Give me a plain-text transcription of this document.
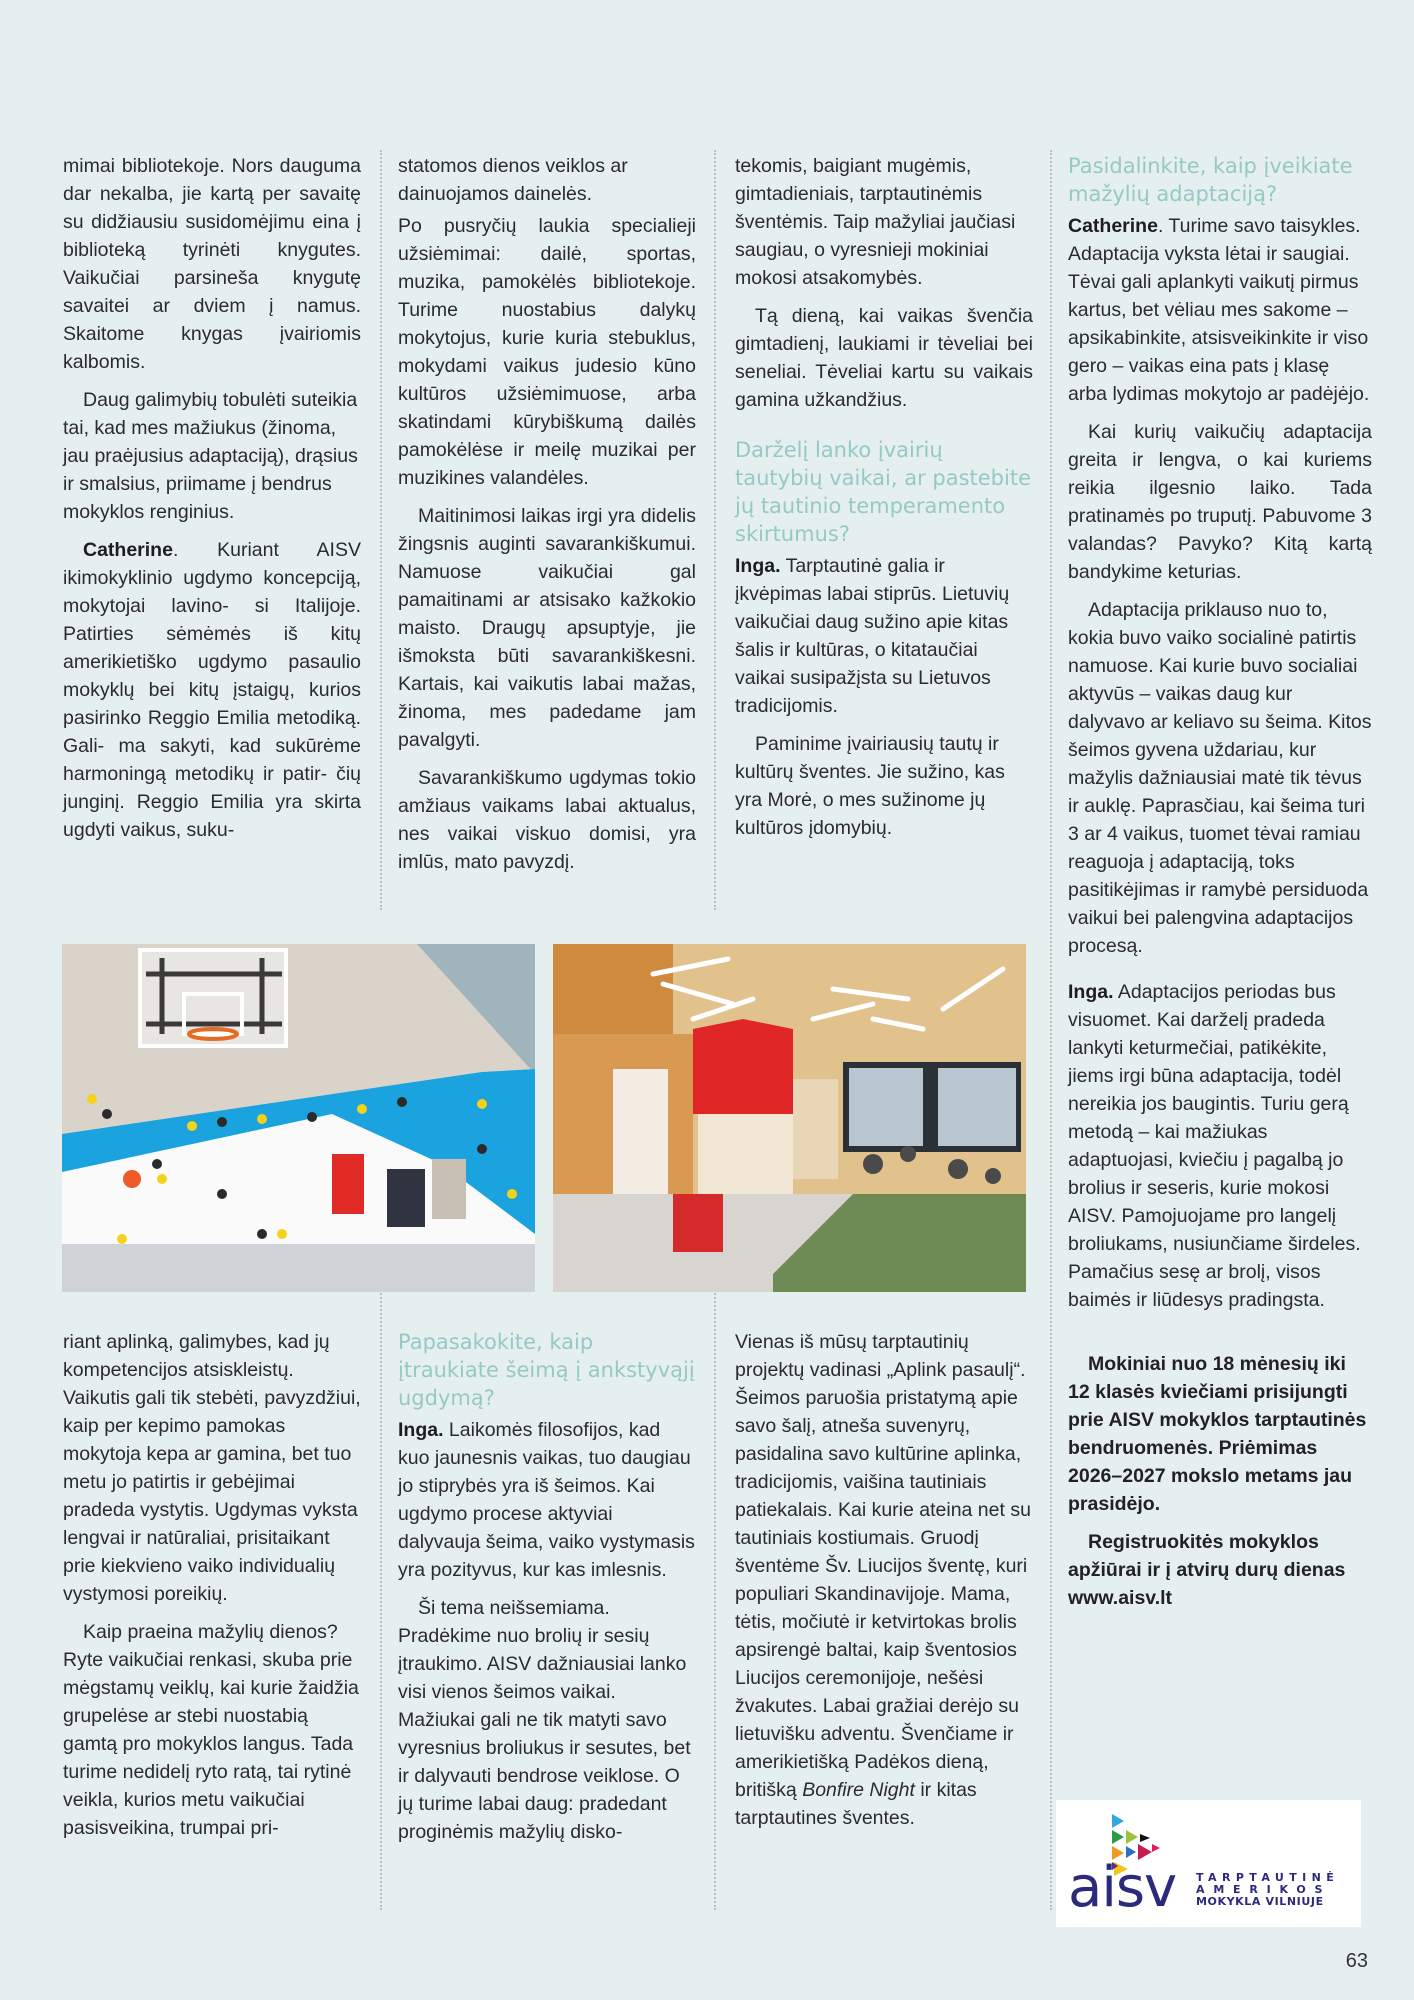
mimai bibliotekoje. Nors dauguma dar nekalba, jie kartą per savaitę su didžiausiu susidomėjimu eina į biblioteką tyrinėti knygutes. Vaikučiai parsineša knygutę savaitei ar dviem į namus. Skaitome knygas įvairiomis kalbomis.

Daug galimybių tobulėti suteikia tai, kad mes mažiukus (žinoma, jau praėjusius adaptaciją), drąsius ir smalsius, priimame į bendrus mokyklos renginius.

Catherine. Kuriant AISV ikimokyklinio ugdymo koncepciją, mokytojai lavino- si Italijoje. Patirties sėmėmės iš kitų amerikietiško ugdymo pasaulio mokyklų bei kitų įstaigų, kurios pasirinko Reggio Emilia metodiką. Gali- ma sakyti, kad sukūrėme harmoningą metodikų ir patir- čių junginį. Reggio Emilia yra skirta ugdyti vaikus, suku-

statomos dienos veiklos ar dainuojamos dainelės.

Po pusryčių laukia specialieji užsiėmimai: dailė, sportas, muzika, pamokėlės bibliotekoje. Turime nuostabius dalykų mokytojus, kurie kuria stebuklus, mokydami vaikus judesio kūno kultūros užsiėmimuose, arba skatindami kūrybiškumą dailės pamokėlėse ir meilę muzikai per muzikines valandėles.

Maitinimosi laikas irgi yra didelis žingsnis auginti savarankiškumui. Namuose vaikučiai gal pamaitinami ar atsisako kažkokio maisto. Draugų apsuptyje, jie išmoksta būti savarankiškesni. Kartais, kai vaikutis labai mažas, žinoma, mes padedame jam pavalgyti.

Savarankiškumo ugdymas tokio amžiaus vaikams labai aktualus, nes vaikai viskuo domisi, yra imlūs, mato pavyzdį.

tekomis, baigiant mugėmis, gimtadieniais, tarptautinėmis šventėmis. Taip mažyliai jaučiasi saugiau, o vyresnieji mokiniai mokosi atsakomybės.

Tą dieną, kai vaikas švenčia gimtadienį, laukiami ir tėveliai bei seneliai. Tėveliai kartu su vaikais gamina užkandžius.

Darželį lanko įvairių tautybių vaikai, ar pastebite jų tautinio temperamento skirtumus?

Inga. Tarptautinė galia ir įkvėpimas labai stiprūs. Lietuvių vaikučiai daug sužino apie kitas šalis ir kultūras, o kitataučiai vaikai susipažįsta su Lietuvos tradicijomis.

Paminime įvairiausių tautų ir kultūrų šventes. Jie sužino, kas yra Morė, o mes sužinome jų kultūros įdomybių.

Pasidalinkite, kaip įveikiate mažylių adaptaciją?

Catherine. Turime savo taisykles. Adaptacija vyksta lėtai ir saugiai. Tėvai gali aplankyti vaikutį pirmus kartus, bet vėliau mes sakome – apsikabinkite, atsisveikinkite ir viso gero – vaikas eina pats į klasę arba lydimas mokytojo ar padėjėjo.

Kai kurių vaikučių adaptacija greita ir lengva, o kai kuriems reikia ilgesnio laiko. Tada pratinamės po truputį. Pabuvome 3 valandas? Pavyko? Kitą kartą bandykime keturias.

Adaptacija priklauso nuo to, kokia buvo vaiko socialinė patirtis namuose. Kai kurie buvo socialiai aktyvūs – vaikas daug kur dalyvavo ar keliavo su šeima. Kitos šeimos gyvena uždariau, kur mažylis dažniausiai matė tik tėvus ir auklę. Paprasčiau, kai šeima turi 3 ar 4 vaikus, tuomet tėvai ramiau reaguoja į adaptaciją, toks pasitikėjimas ir ramybė persiduoda vaikui bei palengvina adaptacijos procesą.

Inga. Adaptacijos periodas bus visuomet. Kai darželį pradeda lankyti keturmečiai, patikėkite, jiems irgi būna adaptacija, todėl nereikia jos baugintis. Turiu gerą metodą – kai mažiukas adaptuojasi, kviečiu į pagalbą jo brolius ir seseris, kurie mokosi AISV. Pamojuojame pro langelį broliukams, nusiunčiame širdeles. Pamačius sesę ar brolį, visos baimės ir liūdesys pradingsta.

Mokiniai nuo 18 mėnesių iki 12 klasės kviečiami prisijungti prie AISV mokyklos tarptautinės bendruomenės. Priėmimas 2026–2027 mokslo metams jau prasidėjo.

Registruokitės mokyklos apžiūrai ir į atvirų durų dienas www.aisv.lt

riant aplinką, galimybes, kad jų kompetencijos atsiskleistų. Vaikutis gali tik stebėti, pavyzdžiui, kaip per kepimo pamokas mokytoja kepa ar gamina, bet tuo metu jo patirtis ir gebėjimai pradeda vystytis. Ugdymas vyksta lengvai ir natūraliai, prisitaikant prie kiekvieno vaiko individualių vystymosi poreikių.

Kaip praeina mažylių dienos? Ryte vaikučiai renkasi, skuba prie mėgstamų veiklų, kai kurie žaidžia grupelėse ar stebi nuostabią gamtą pro mokyklos langus. Tada turime nedidelį ryto ratą, tai rytinė veikla, kurios metu vaikučiai pasisveikina, trumpai pri-

Papasakokite, kaip įtraukiate šeimą į ankstyvąjį ugdymą?

Inga. Laikomės filosofijos, kad kuo jaunesnis vaikas, tuo daugiau jo stiprybės yra iš šeimos. Kai ugdymo procese aktyviai dalyvauja šeima, vaiko vystymasis yra pozityvus, kur kas imlesnis.

Ši tema neišsemiama. Pradėkime nuo brolių ir sesių įtraukimo. AISV dažniausiai lanko visi vienos šeimos vaikai. Mažiukai gali ne tik matyti savo vyresnius broliukus ir sesutes, bet ir dalyvauti bendrose veiklose. O jų turime labai daug: pradedant proginėmis mažylių disko-

Vienas iš mūsų tarptautinių projektų vadinasi „Aplink pasaulį“. Šeimos paruošia pristatymą apie savo šalį, atneša suvenyrų, pasidalina savo kultūrine aplinka, tradicijomis, vaišina tautiniais patiekalais. Kai kurie ateina net su tautiniais kostiumais. Gruodį šventėme Šv. Liucijos šventę, kuri populiari Skandinavijoje. Mama, tėtis, močiutė ir ketvirtokas brolis apsirengė baltai, kaip šventosios Liucijos ceremonijoje, nešėsi žvakutes. Labai gražiai derėjo su lietuvišku adventu. Švenčiame ir amerikietišką Padėkos dieną, britišką Bonfire Night ir kitas tarptautines šventes.

aisv TARPTAUTINĖ
AMERIKOS
MOKYKLA VILNIUJE
63
